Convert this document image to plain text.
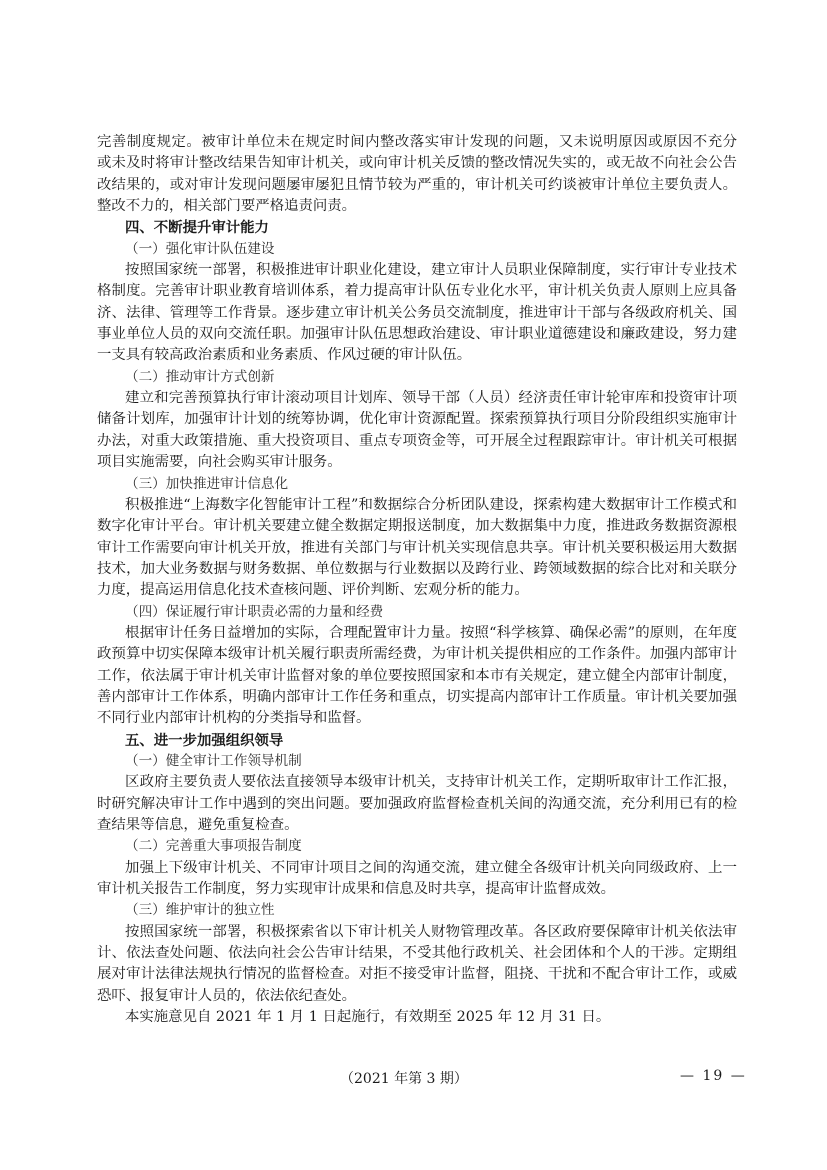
完善制度规定。被审计单位未在规定时间内整改落实审计发现的问题，又未说明原因或原因不充分
或未及时将审计整改结果告知审计机关，或向审计机关反馈的整改情况失实的，或无故不向社会公告
改结果的，或对审计发现问题屡审屡犯且情节较为严重的，审计机关可约谈被审计单位主要负责人。
整改不力的，相关部门要严格追责问责。
四、不断提升审计能力
（一）强化审计队伍建设
按照国家统一部署，积极推进审计职业化建设，建立审计人员职业保障制度，实行审计专业技术
格制度。完善审计职业教育培训体系，着力提高审计队伍专业化水平，审计机关负责人原则上应具备
济、法律、管理等工作背景。逐步建立审计机关公务员交流制度，推进审计干部与各级政府机关、国
事业单位人员的双向交流任职。加强审计队伍思想政治建设、审计职业道德建设和廉政建设，努力建
一支具有较高政治素质和业务素质、作风过硬的审计队伍。
（二）推动审计方式创新
建立和完善预算执行审计滚动项目计划库、领导干部（人员）经济责任审计轮审库和投资审计项
储备计划库，加强审计计划的统筹协调，优化审计资源配置。探索预算执行项目分阶段组织实施审计
办法，对重大政策措施、重大投资项目、重点专项资金等，可开展全过程跟踪审计。审计机关可根据
项目实施需要，向社会购买审计服务。
（三）加快推进审计信息化
积极推进“上海数字化智能审计工程”和数据综合分析团队建设，探索构建大数据审计工作模式和
数字化审计平台。审计机关要建立健全数据定期报送制度，加大数据集中力度，推进政务数据资源根
审计工作需要向审计机关开放，推进有关部门与审计机关实现信息共享。审计机关要积极运用大数据
技术，加大业务数据与财务数据、单位数据与行业数据以及跨行业、跨领域数据的综合比对和关联分
力度，提高运用信息化技术查核问题、评价判断、宏观分析的能力。
（四）保证履行审计职责必需的力量和经费
根据审计任务日益增加的实际，合理配置审计力量。按照“科学核算、确保必需”的原则，在年度
政预算中切实保障本级审计机关履行职责所需经费，为审计机关提供相应的工作条件。加强内部审计
工作，依法属于审计机关审计监督对象的单位要按照国家和本市有关规定，建立健全内部审计制度，
善内部审计工作体系，明确内部审计工作任务和重点，切实提高内部审计工作质量。审计机关要加强
不同行业内部审计机构的分类指导和监督。
五、进一步加强组织领导
（一）健全审计工作领导机制
区政府主要负责人要依法直接领导本级审计机关，支持审计机关工作，定期听取审计工作汇报，
时研究解决审计工作中遇到的突出问题。要加强政府监督检查机关间的沟通交流，充分利用已有的检
查结果等信息，避免重复检查。
（二）完善重大事项报告制度
加强上下级审计机关、不同审计项目之间的沟通交流，建立健全各级审计机关向同级政府、上一
审计机关报告工作制度，努力实现审计成果和信息及时共享，提高审计监督成效。
（三）维护审计的独立性
按照国家统一部署，积极探索省以下审计机关人财物管理改革。各区政府要保障审计机关依法审
计、依法查处问题、依法向社会公告审计结果，不受其他行政机关、社会团体和个人的干涉。定期组
展对审计法律法规执行情况的监督检查。对拒不接受审计监督，阻挠、干扰和不配合审计工作，或威
恐吓、报复审计人员的，依法依纪查处。
本实施意见自 2021 年 1 月 1 日起施行，有效期至 2025 年 12 月 31 日。
（2021 年第 3 期）	— 19 —
